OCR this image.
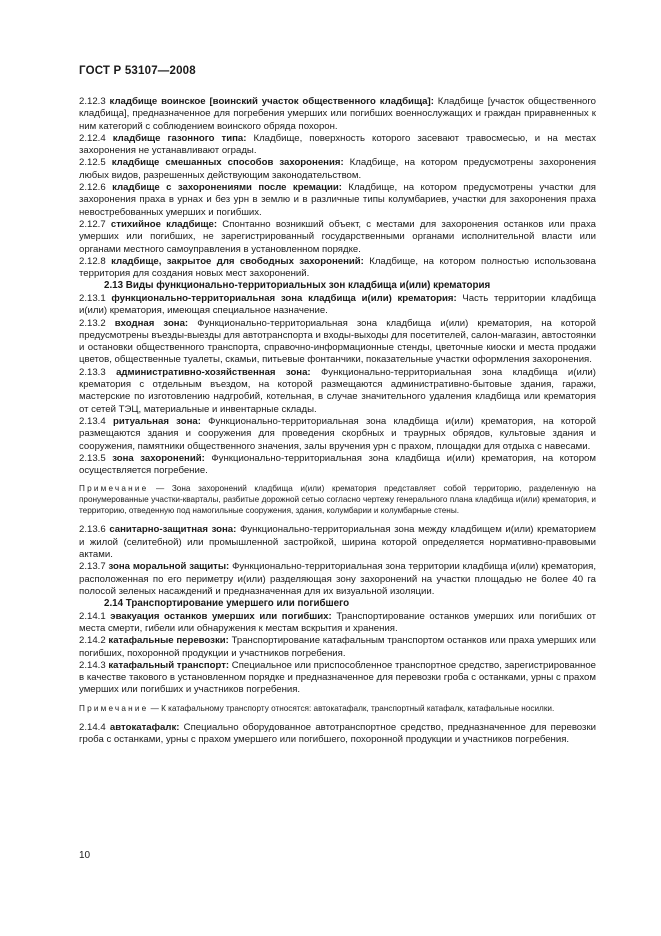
ГОСТ Р 53107—2008

2.12.3 кладбище воинское [воинский участок общественного кладбища]: Кладбище [участок общественного кладбища], предназначенное для погребения умерших или погибших военнослужащих и граждан приравненных к ним категорий с соблюдением воинского обряда похорон.

2.12.4 кладбище газонного типа: Кладбище, поверхность которого засевают травосмесью, и на местах захоронения не устанавливают ограды.

2.12.5 кладбище смешанных способов захоронения: Кладбище, на котором предусмотрены захоронения любых видов, разрешенных действующим законодательством.

2.12.6 кладбище с захоронениями после кремации: Кладбище, на котором предусмотрены участки для захоронения праха в урнах и без урн в землю и в различные типы колумбариев, участки для захоронения праха невостребованных умерших и погибших.

2.12.7 стихийное кладбище: Спонтанно возникший объект, с местами для захоронения останков или праха умерших или погибших, не зарегистрированный государственными органами исполнительной власти или органами местного самоуправления в установленном порядке.

2.12.8 кладбище, закрытое для свободных захоронений: Кладбище, на котором полностью использована территория для создания новых мест захоронений.

2.13 Виды функционально-территориальных зон кладбища и(или) крематория

2.13.1 функционально-территориальная зона кладбища и(или) крематория: Часть территории кладбища и(или) крематория, имеющая специальное назначение.

2.13.2 входная зона: Функционально-территориальная зона кладбища и(или) крематория, на которой предусмотрены въезды-выезды для автотранспорта и входы-выходы для посетителей, салон-магазин, автостоянки и остановки общественного транспорта, справочно-информационные стенды, цветочные киоски и места продажи цветов, общественные туалеты, скамьи, питьевые фонтанчики, показательные участки оформления захоронения.

2.13.3 административно-хозяйственная зона: Функционально-территориальная зона кладбища и(или) крематория с отдельным въездом, на которой размещаются административно-бытовые здания, гаражи, мастерские по изготовлению надгробий, котельная, в случае значительного удаления кладбища или крематория от сетей ТЭЦ, материальные и инвентарные склады.

2.13.4 ритуальная зона: Функционально-территориальная зона кладбища и(или) крематория, на которой размещаются здания и сооружения для проведения скорбных и траурных обрядов, культовые здания и сооружения, памятники общественного значения, залы вручения урн с прахом, площадки для отдыха с навесами.

2.13.5 зона захоронений: Функционально-территориальная зона кладбища и(или) крематория, на котором осуществляется погребение.

Примечание — Зона захоронений кладбища и(или) крематория представляет собой территорию, разделенную на пронумерованные участки-кварталы, разбитые дорожной сетью согласно чертежу генерального плана кладбища и(или) крематория, и территорию, отведенную под намогильные сооружения, здания, колумбарии и колумбарные стены.

2.13.6 санитарно-защитная зона: Функционально-территориальная зона между кладбищем и(или) крематорием и жилой (селитебной) или промышленной застройкой, ширина которой определяется нормативно-правовыми актами.

2.13.7 зона моральной защиты: Функционально-территориальная зона территории кладбища и(или) крематория, расположенная по его периметру и(или) разделяющая зону захоронений на участки площадью не более 40 га полосой зеленых насаждений и предназначенная для их визуальной изоляции.

2.14 Транспортирование умершего или погибшего

2.14.1 эвакуация останков умерших или погибших: Транспортирование останков умерших или погибших от места смерти, гибели или обнаружения к местам вскрытия и хранения.

2.14.2 катафальные перевозки: Транспортирование катафальным транспортом останков или праха умерших или погибших, похоронной продукции и участников погребения.

2.14.3 катафальный транспорт: Специальное или приспособленное транспортное средство, зарегистрированное в качестве такового в установленном порядке и предназначенное для перевозки гроба с останками, урны с прахом умерших или погибших и участников погребения.

Примечание — К катафальному транспорту относятся: автокатафалк, транспортный катафалк, катафальные носилки.

2.14.4 автокатафалк: Специально оборудованное автотранспортное средство, предназначенное для перевозки гроба с останками, урны с прахом умершего или погибшего, похоронной продукции и участников погребения.

10
